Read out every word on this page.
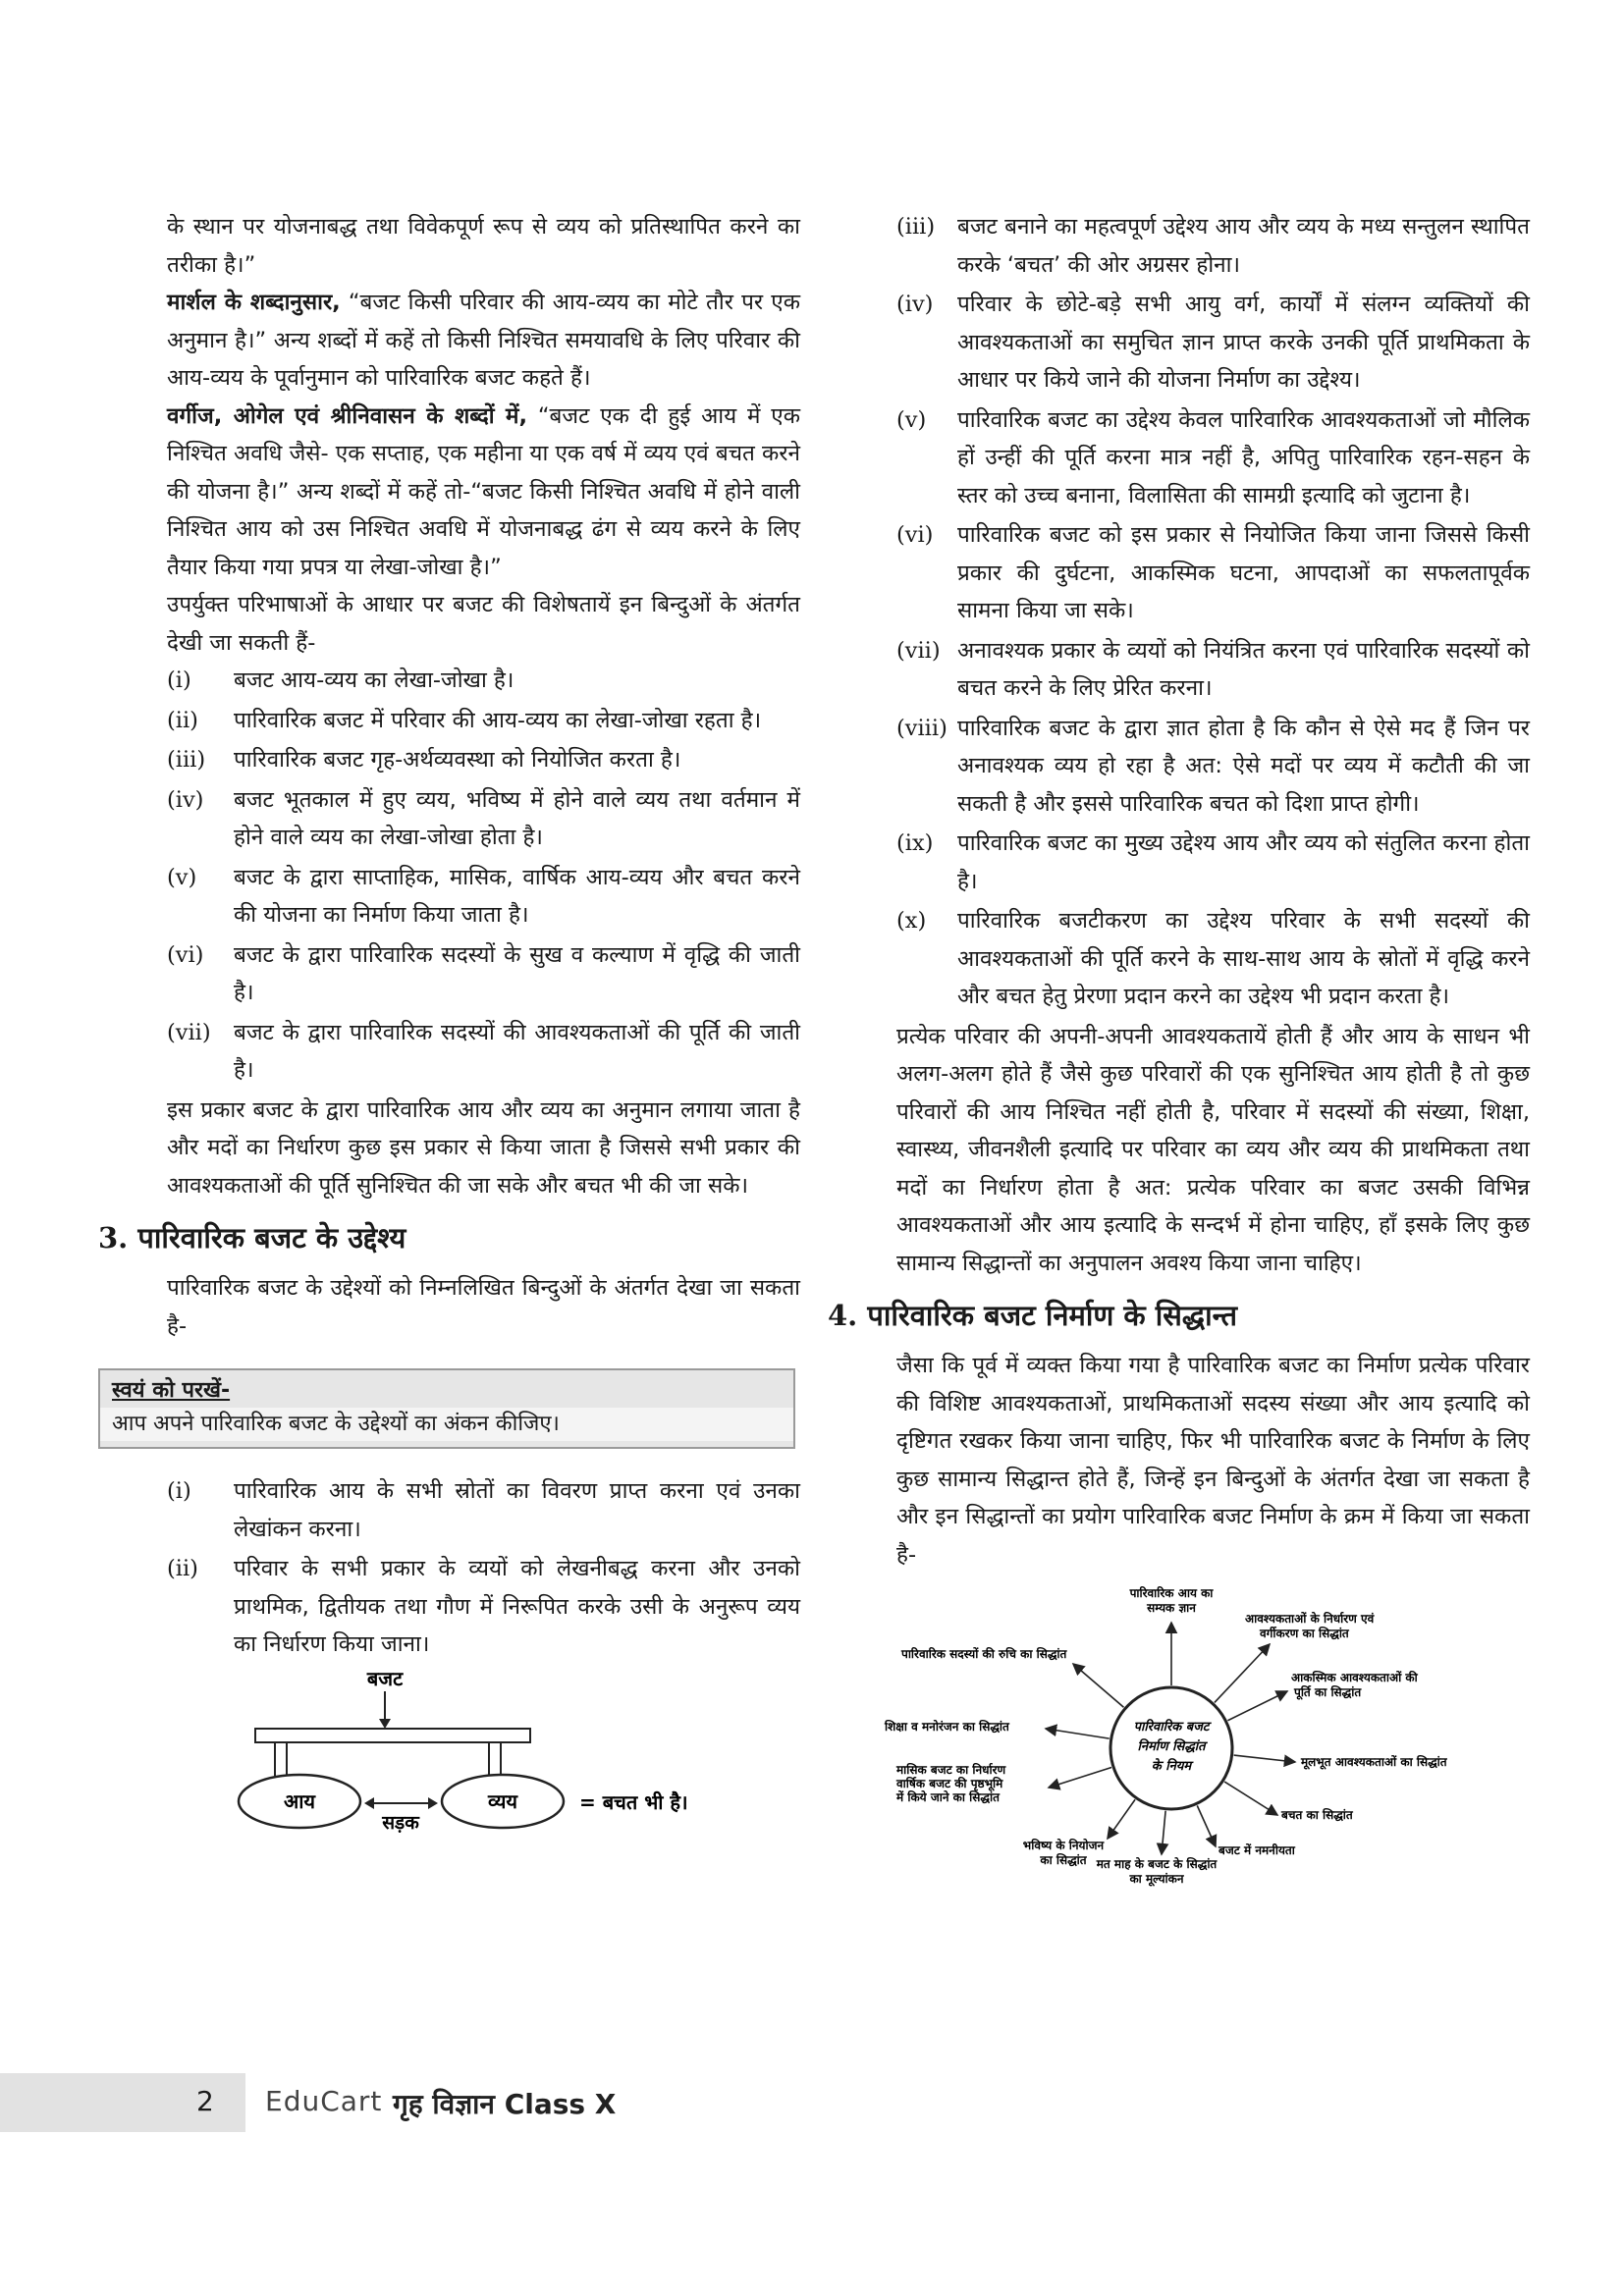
के स्थान पर योजनाबद्ध तथा विवेकपूर्ण रूप से व्यय को प्रतिस्थापित करने का तरीका है।”

मार्शल के शब्दानुसार, “बजट किसी परिवार की आय-व्यय का मोटे तौर पर एक अनुमान है।” अन्य शब्दों में कहें तो किसी निश्चित समयावधि के लिए परिवार की आय-व्यय के पूर्वानुमान को पारिवारिक बजट कहते हैं।

वर्गीज, ओगेल एवं श्रीनिवासन के शब्दों में, “बजट एक दी हुई आय में एक निश्चित अवधि जैसे- एक सप्ताह, एक महीना या एक वर्ष में व्यय एवं बचत करने की योजना है।” अन्य शब्दों में कहें तो-“बजट किसी निश्चित अवधि में होने वाली निश्चित आय को उस निश्चित अवधि में योजनाबद्ध ढंग से व्यय करने के लिए तैयार किया गया प्रपत्र या लेखा-जोखा है।”

उपर्युक्त परिभाषाओं के आधार पर बजट की विशेषतायें इन बिन्दुओं के अंतर्गत देखी जा सकती हैं-

(i)	बजट आय-व्यय का लेखा-जोखा है।
(ii)	पारिवारिक बजट में परिवार की आय-व्यय का लेखा-जोखा रहता है।
(iii)	पारिवारिक बजट गृह-अर्थव्यवस्था को नियोजित करता है।
(iv)	बजट भूतकाल में हुए व्यय, भविष्य में होने वाले व्यय तथा वर्तमान में होने वाले व्यय का लेखा-जोखा होता है।
(v)	बजट के द्वारा साप्ताहिक, मासिक, वार्षिक आय-व्यय और बचत करने की योजना का निर्माण किया जाता है।
(vi)	बजट के द्वारा पारिवारिक सदस्यों के सुख व कल्याण में वृद्धि की जाती है।
(vii)	बजट के द्वारा पारिवारिक सदस्यों की आवश्यकताओं की पूर्ति की जाती है।

इस प्रकार बजट के द्वारा पारिवारिक आय और व्यय का अनुमान लगाया जाता है और मदों का निर्धारण कुछ इस प्रकार से किया जाता है जिससे सभी प्रकार की आवश्यकताओं की पूर्ति सुनिश्चित की जा सके और बचत भी की जा सके।

3. पारिवारिक बजट के उद्देश्य

पारिवारिक बजट के उद्देश्यों को निम्नलिखित बिन्दुओं के अंतर्गत देखा जा सकता है-

स्वयं को परखें-
आप अपने पारिवारिक बजट के उद्देश्यों का अंकन कीजिए।
(i)	पारिवारिक आय के सभी स्रोतों का विवरण प्राप्त करना एवं उनका लेखांकन करना।
(ii)	परिवार के सभी प्रकार के व्ययों को लेखनीबद्ध करना और उनको प्राथमिक, द्वितीयक तथा गौण में निरूपित करके उसी के अनुरूप व्यय का निर्धारण किया जाना।
बजट
आय	व्यय
सड़क
= बचत भी है।
(iii)	बजट बनाने का महत्वपूर्ण उद्देश्य आय और व्यय के मध्य सन्तुलन स्थापित करके ‘बचत’ की ओर अग्रसर होना।
(iv)	परिवार के छोटे-बड़े सभी आयु वर्ग, कार्यों में संलग्न व्यक्तियों की आवश्यकताओं का समुचित ज्ञान प्राप्त करके उनकी पूर्ति प्राथमिकता के आधार पर किये जाने की योजना निर्माण का उद्देश्य।
(v)	पारिवारिक बजट का उद्देश्य केवल पारिवारिक आवश्यकताओं जो मौलिक हों उन्हीं की पूर्ति करना मात्र नहीं है, अपितु पारिवारिक रहन-सहन के स्तर को उच्च बनाना, विलासिता की सामग्री इत्यादि को जुटाना है।
(vi)	पारिवारिक बजट को इस प्रकार से नियोजित किया जाना जिससे किसी प्रकार की दुर्घटना, आकस्मिक घटना, आपदाओं का सफलतापूर्वक सामना किया जा सके।
(vii) अनावश्यक प्रकार के व्ययों को नियंत्रित करना एवं पारिवारिक सदस्यों को बचत करने के लिए प्रेरित करना।
(viii) पारिवारिक बजट के द्वारा ज्ञात होता है कि कौन से ऐसे मद हैं जिन पर अनावश्यक व्यय हो रहा है अत: ऐसे मदों पर व्यय में कटौती की जा सकती है और इससे पारिवारिक बचत को दिशा प्राप्त होगी।
(ix)	पारिवारिक बजट का मुख्य उद्देश्य आय और व्यय को संतुलित करना होता है।
(x)	पारिवारिक बजटीकरण का उद्देश्य परिवार के सभी सदस्यों की आवश्यकताओं की पूर्ति करने के साथ-साथ आय के स्रोतों में वृद्धि करने और बचत हेतु प्रेरणा प्रदान करने का उद्देश्य भी प्रदान करता है।

प्रत्येक परिवार की अपनी-अपनी आवश्यकतायें होती हैं और आय के साधन भी अलग-अलग होते हैं जैसे कुछ परिवारों की एक सुनिश्चित आय होती है तो कुछ परिवारों की आय निश्चित नहीं होती है, परिवार में सदस्यों की संख्या, शिक्षा, स्वास्थ्य, जीवनशैली इत्यादि पर परिवार का व्यय और व्यय की प्राथमिकता तथा मदों का निर्धारण होता है अत: प्रत्येक परिवार का बजट उसकी विभिन्न आवश्यकताओं और आय इत्यादि के सन्दर्भ में होना चाहिए, हाँ इसके लिए कुछ सामान्य सिद्धान्तों का अनुपालन अवश्य किया जाना चाहिए।

4. पारिवारिक बजट निर्माण के सिद्धान्त

जैसा कि पूर्व में व्यक्त किया गया है पारिवारिक बजट का निर्माण प्रत्येक परिवार की विशिष्ट आवश्यकताओं, प्राथमिकताओं सदस्य संख्या और आय इत्यादि को दृष्टिगत रखकर किया जाना चाहिए, फिर भी पारिवारिक बजट के निर्माण के लिए कुछ सामान्य सिद्धान्त होते हैं, जिन्हें इन बिन्दुओं के अंतर्गत देखा जा सकता है और इन सिद्धान्तों का प्रयोग पारिवारिक बजट निर्माण के क्रम में किया जा सकता है-

पारिवारिक बजट
निर्माण सिद्धांत
के नियम
पारिवारिक आय का
सम्यक ज्ञान
आवश्यकताओं के निर्धारण एवं
वर्गीकरण का सिद्धांत
आकस्मिक आवश्यकताओं की
पूर्ति का सिद्धांत
मूलभूत आवश्यकताओं का सिद्धांत
बचत का सिद्धांत
बजट में नमनीयता
मत माह के बजट के सिद्धांत
का मूल्यांकन
भविष्य के नियोजन
का सिद्धांत
मासिक बजट का निर्धारण
वार्षिक बजट की पृष्ठभूमि
में किये जाने का सिद्धांत
शिक्षा व मनोरंजन का सिद्धांत
पारिवारिक सदस्यों की रुचि का सिद्धांत
2 EduCart गृह विज्ञान Class X
